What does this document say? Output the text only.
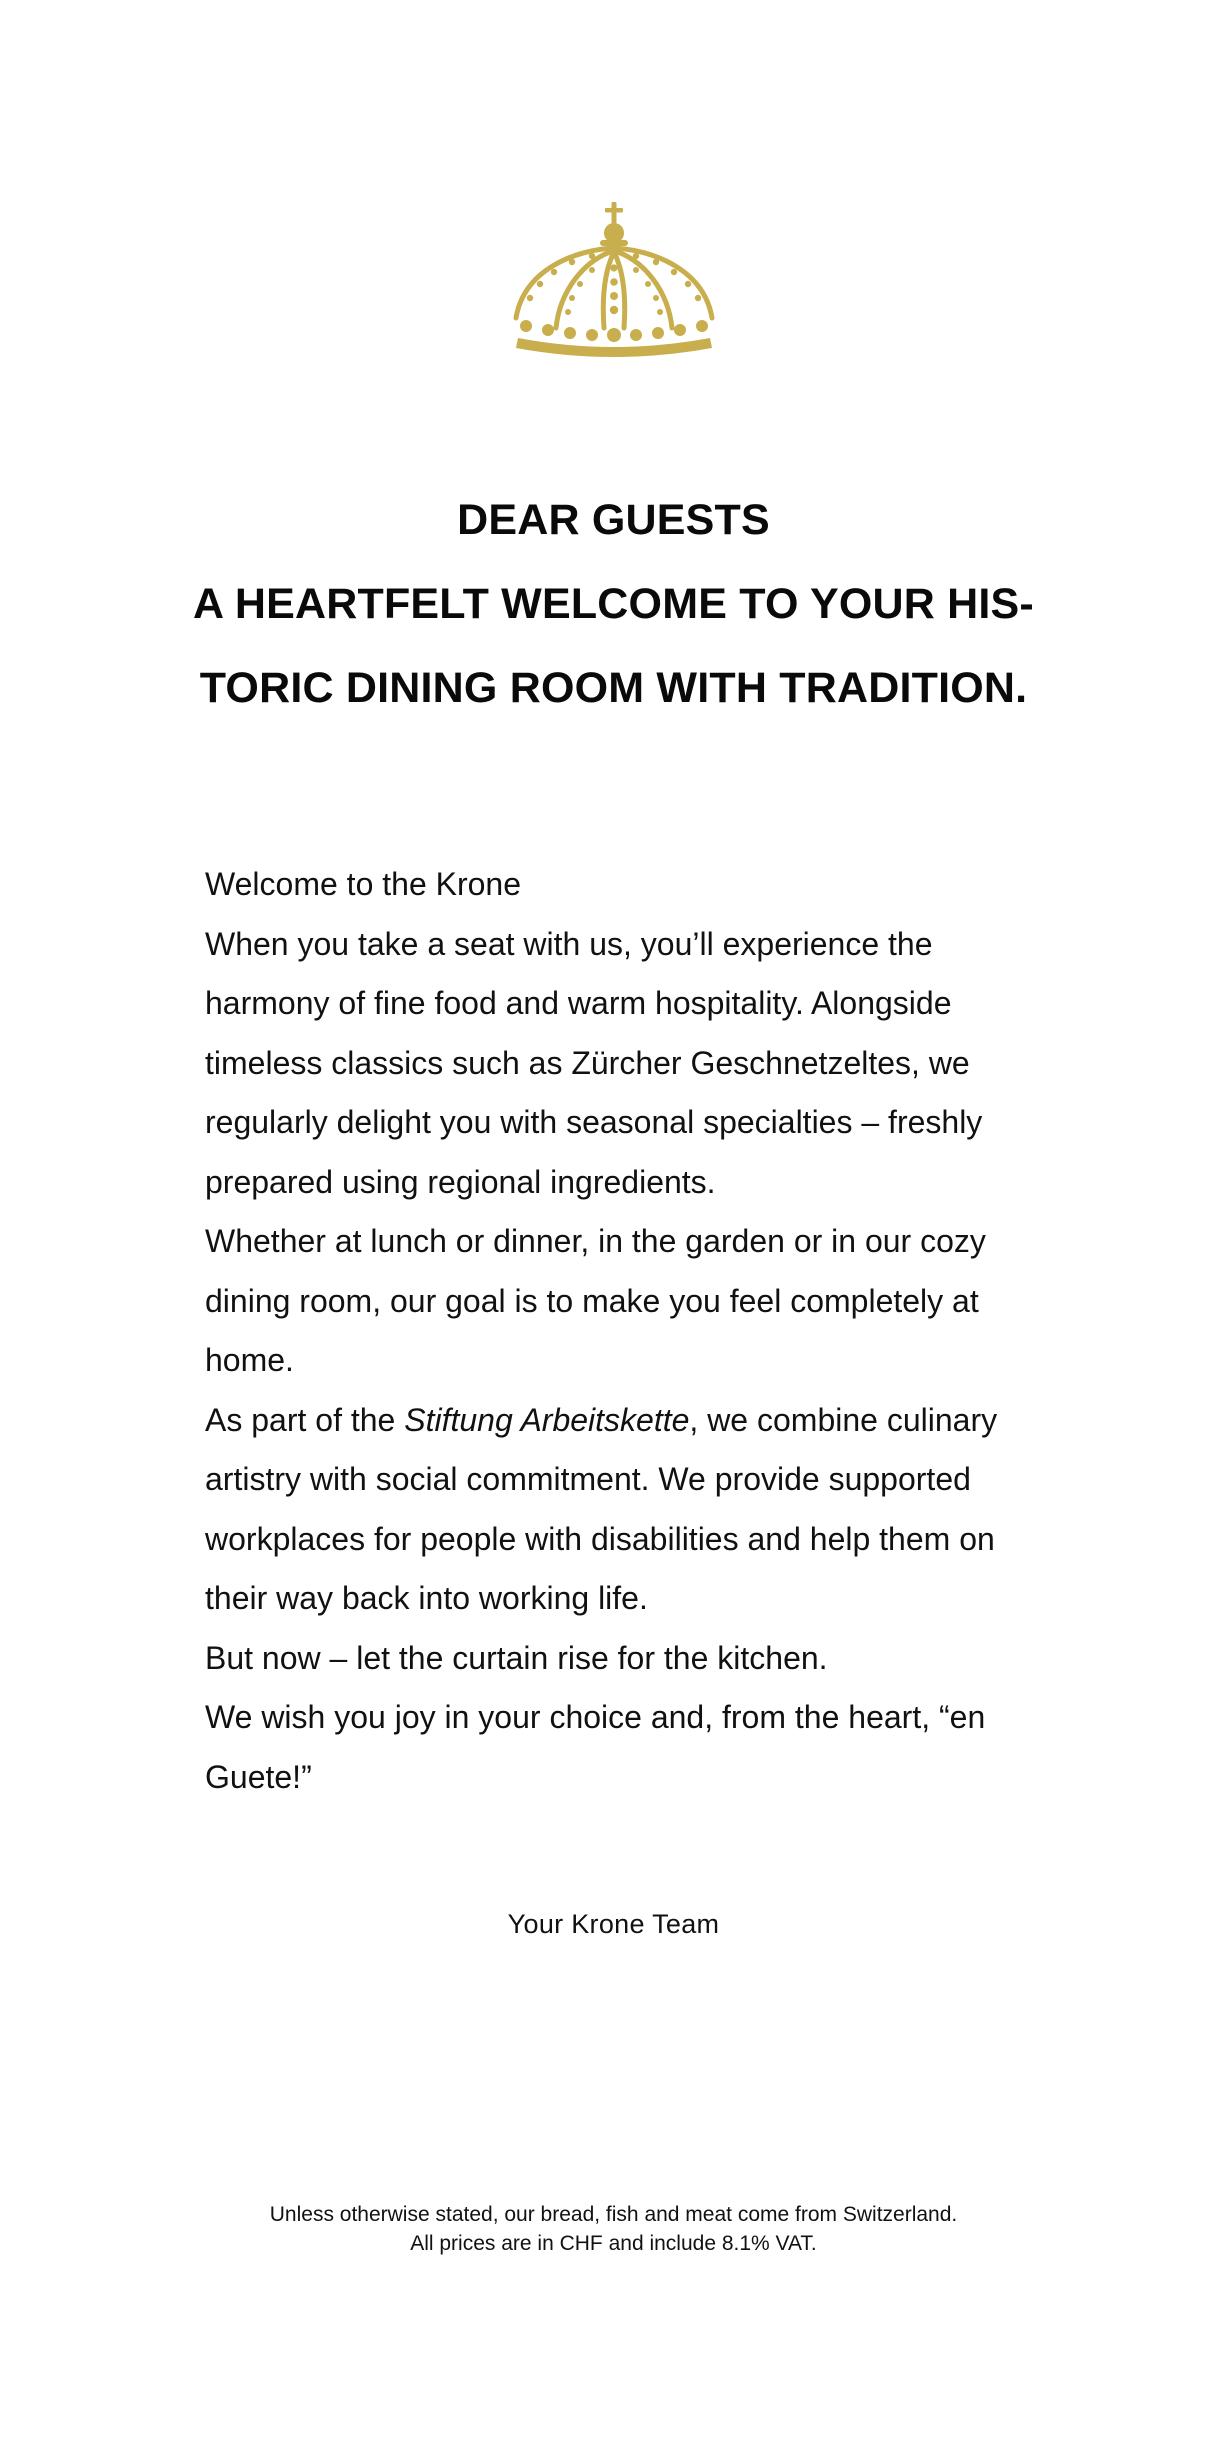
DEAR GUESTS
A HEARTFELT WELCOME TO YOUR HIS-
TORIC DINING ROOM WITH TRADITION.

Welcome to the Krone

When you take a seat with us, you’ll experience the harmony of fine food and warm hospitality. Alongside timeless classics such as Zürcher Geschnetzeltes, we regularly delight you with seasonal specialties – freshly prepared using regional ingredients.

Whether at lunch or dinner, in the garden or in our cozy dining room, our goal is to make you feel completely at home.

As part of the Stiftung Arbeitskette, we combine culinary artistry with social commitment. We provide supported workplaces for people with disabilities and help them on their way back into working life.

But now – let the curtain rise for the kitchen.

We wish you joy in your choice and, from the heart, “en Guete!”

Your Krone Team
Unless otherwise stated, our bread, fish and meat come from Switzerland.
All prices are in CHF and include 8.1% VAT.
